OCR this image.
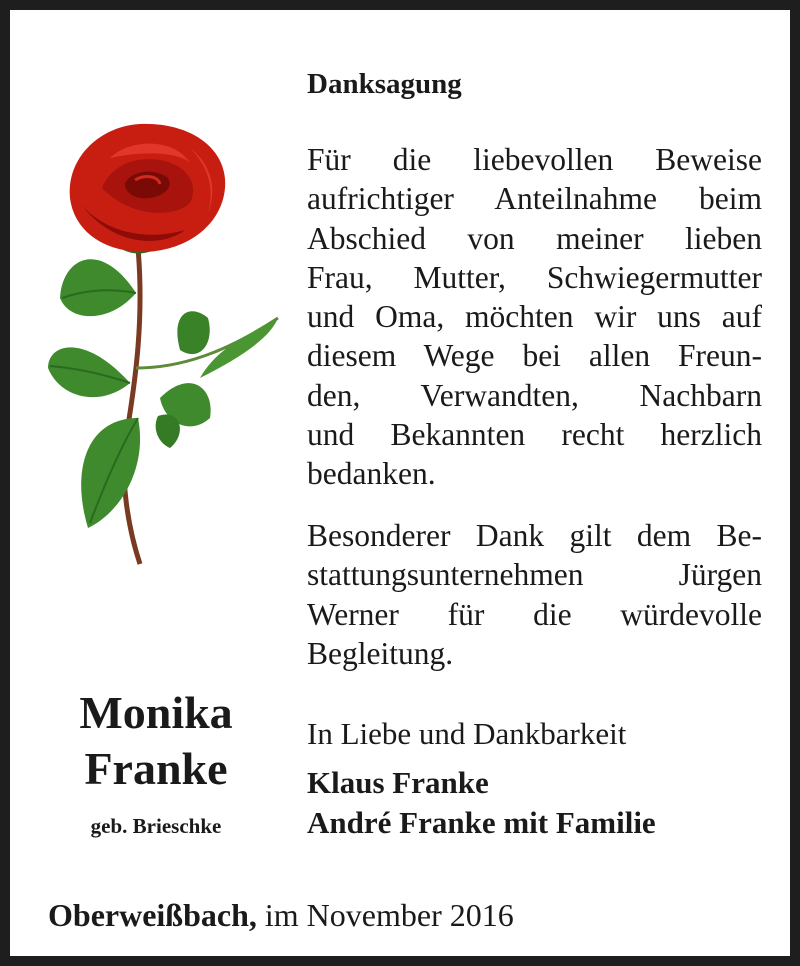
Danksagung

Für die liebevollen Beweise
aufrichtiger Anteilnahme beim
Abschied von meiner lieben
Frau, Mutter, Schwiegermutter
und Oma, möchten wir uns auf
diesem Wege bei allen Freun-
den, Verwandten, Nachbarn
und Bekannten recht herzlich
bedanken.
Besonderer Dank gilt dem Be-
stattungsunternehmen Jürgen
Werner für die würdevolle
Begleitung.

In Liebe und Dankbarkeit

Klaus Franke

André Franke mit Familie

Monika

Franke

geb. Brieschke

Oberweißbach, im November 2016
